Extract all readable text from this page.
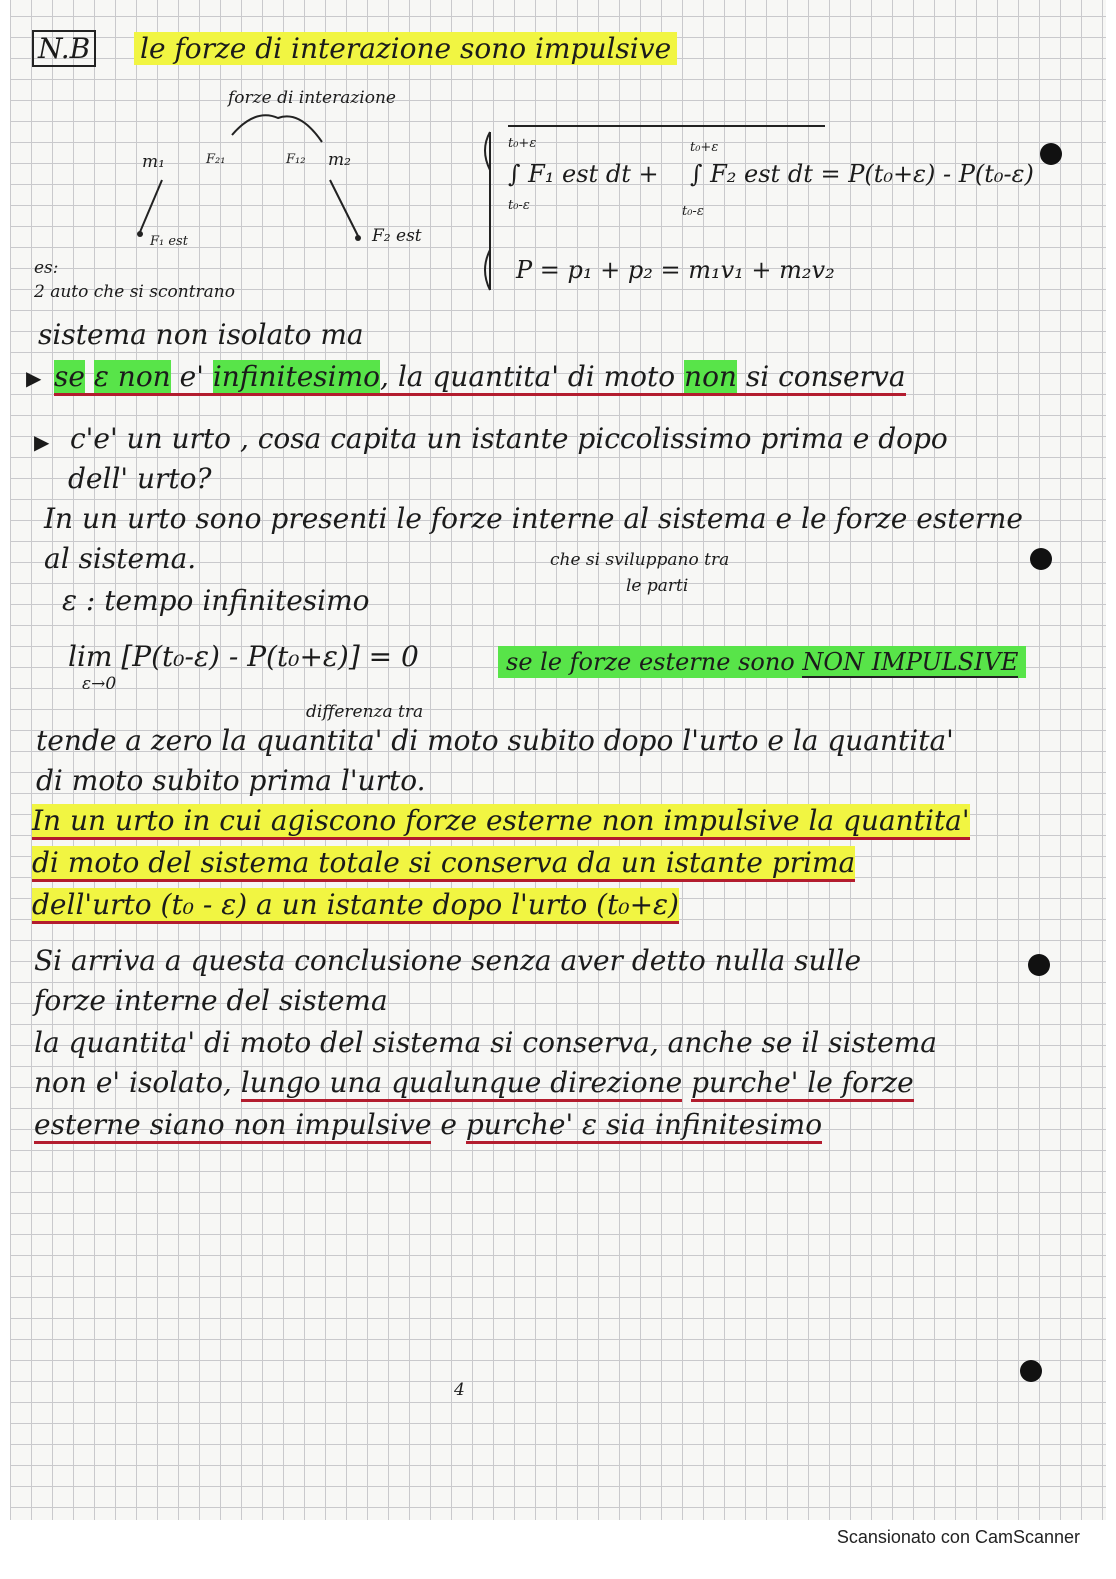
N.B le forze di interazione sono impulsive
forze di interazione
m₁	F₂₁	F₁₂ m₂
F₁ est	F₂ est
es:
2 auto che si scontrano
t₀+ε
∫ F₁ est dt +
t₀-ε
t₀+ε
∫ F₂ est dt = P(t₀+ε) - P(t₀-ε)
t₀-ε
P = p₁ + p₂ = m₁v₁ + m₂v₂
sistema non isolato ma
▶ se ε non e' infinitesimo, la quantita' di moto non si conserva
▶ c'e' un urto , cosa capita un istante piccolissimo prima e dopo
dell' urto?
In un urto sono presenti le forze interne al sistema e le forze esterne
al sistema.	che si sviluppano tra
le parti
ε : tempo infinitesimo
lim [P(t₀-ε) - P(t₀+ε)] = 0
ε→0
se le forze esterne sono NON IMPULSIVE
differenza tra
tende a zero la quantita' di moto subito dopo l'urto e la quantita'
di moto subito prima l'urto.
In un urto in cui agiscono forze esterne non impulsive la quantita'
di moto del sistema totale si conserva da un istante prima
dell'urto (t₀ - ε) a un istante dopo l'urto (t₀+ε)
Si arriva a questa conclusione senza aver detto nulla sulle
forze interne del sistema
la quantita' di moto del sistema si conserva, anche se il sistema
non e' isolato, lungo una qualunque direzione purche' le forze
esterne siano non impulsive e purche' ε sia infinitesimo
4
Scansionato con CamScanner
